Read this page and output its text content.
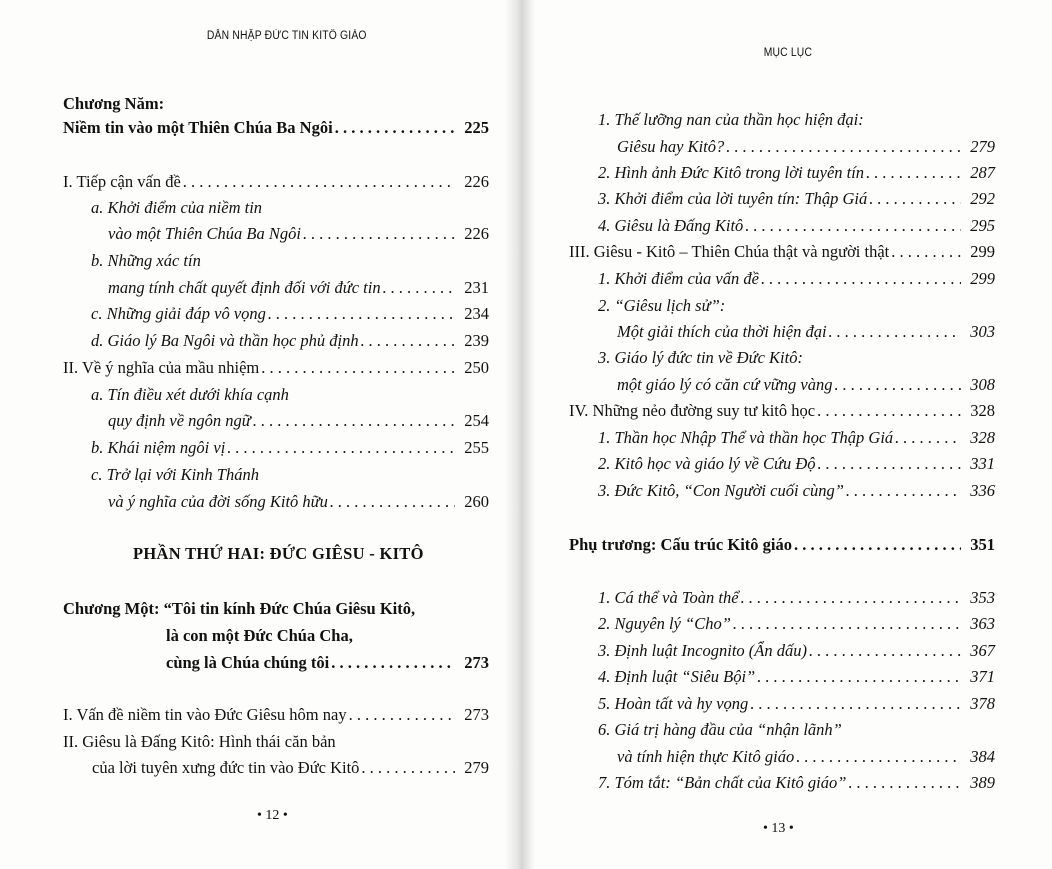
DẪN NHẬP ĐỨC TIN KITÔ GIÁO
Chương Năm:
Niềm tin vào một Thiên Chúa Ba Ngôi . . .	225
I. Tiếp cận vấn đề . . .	226
a. Khởi điểm của niềm tin
vào một Thiên Chúa Ba Ngôi . . .	226
b. Những xác tín
mang tính chất quyết định đối với đức tin . . .	231
c. Những giải đáp vô vọng . . .	234
d. Giáo lý Ba Ngôi và thần học phủ định . . .	239
II. Về ý nghĩa của mầu nhiệm . . .	250
a. Tín điều xét dưới khía cạnh
quy định về ngôn ngữ . . .	254
b. Khái niệm ngôi vị . . .	255
c. Trở lại với Kinh Thánh
và ý nghĩa của đời sống Kitô hữu . . .	260
PHẦN THỨ HAI: ĐỨC GIÊSU - KITÔ
Chương Một: “Tôi tin kính Đức Chúa Giêsu Kitô,
là con một Đức Chúa Cha,
cùng là Chúa chúng tôi . . .	273
I. Vấn đề niềm tin vào Đức Giêsu hôm nay . . .	273
II. Giêsu là Đấng Kitô: Hình thái căn bản
của lời tuyên xưng đức tin vào Đức Kitô . . .	279
• 12 •
MỤC LỤC
1. Thế lưỡng nan của thần học hiện đại:
Giêsu hay Kitô? . . .	279
2. Hình ảnh Đức Kitô trong lời tuyên tín . . .	287
3. Khởi điểm của lời tuyên tín: Thập Giá . . .	292
4. Giêsu là Đấng Kitô . . .	295
III. Giêsu - Kitô – Thiên Chúa thật và người thật . . .	299
1. Khởi điểm của vấn đề . . .	299
2. “Giêsu lịch sử”:
Một giải thích của thời hiện đại . . .	303
3. Giáo lý đức tin về Đức Kitô:
một giáo lý có căn cứ vững vàng . . .	308
IV. Những nẻo đường suy tư kitô học . . .	328
1. Thần học Nhập Thể và thần học Thập Giá . . .	328
2. Kitô học và giáo lý về Cứu Độ . . .	331
3. Đức Kitô, “Con Người cuối cùng” . . .	336
Phụ trương: Cấu trúc Kitô giáo . . .	351
1. Cá thể và Toàn thể . . .	353
2. Nguyên lý “Cho” . . .	363
3. Định luật Incognito (Ẩn dấu) . . .	367
4. Định luật “Siêu Bội” . . .	371
5. Hoàn tất và hy vọng . . .	378
6. Giá trị hàng đầu của “nhận lãnh”
và tính hiện thực Kitô giáo . . .	384
7. Tóm tắt: “Bản chất của Kitô giáo” . . .	389
• 13 •
